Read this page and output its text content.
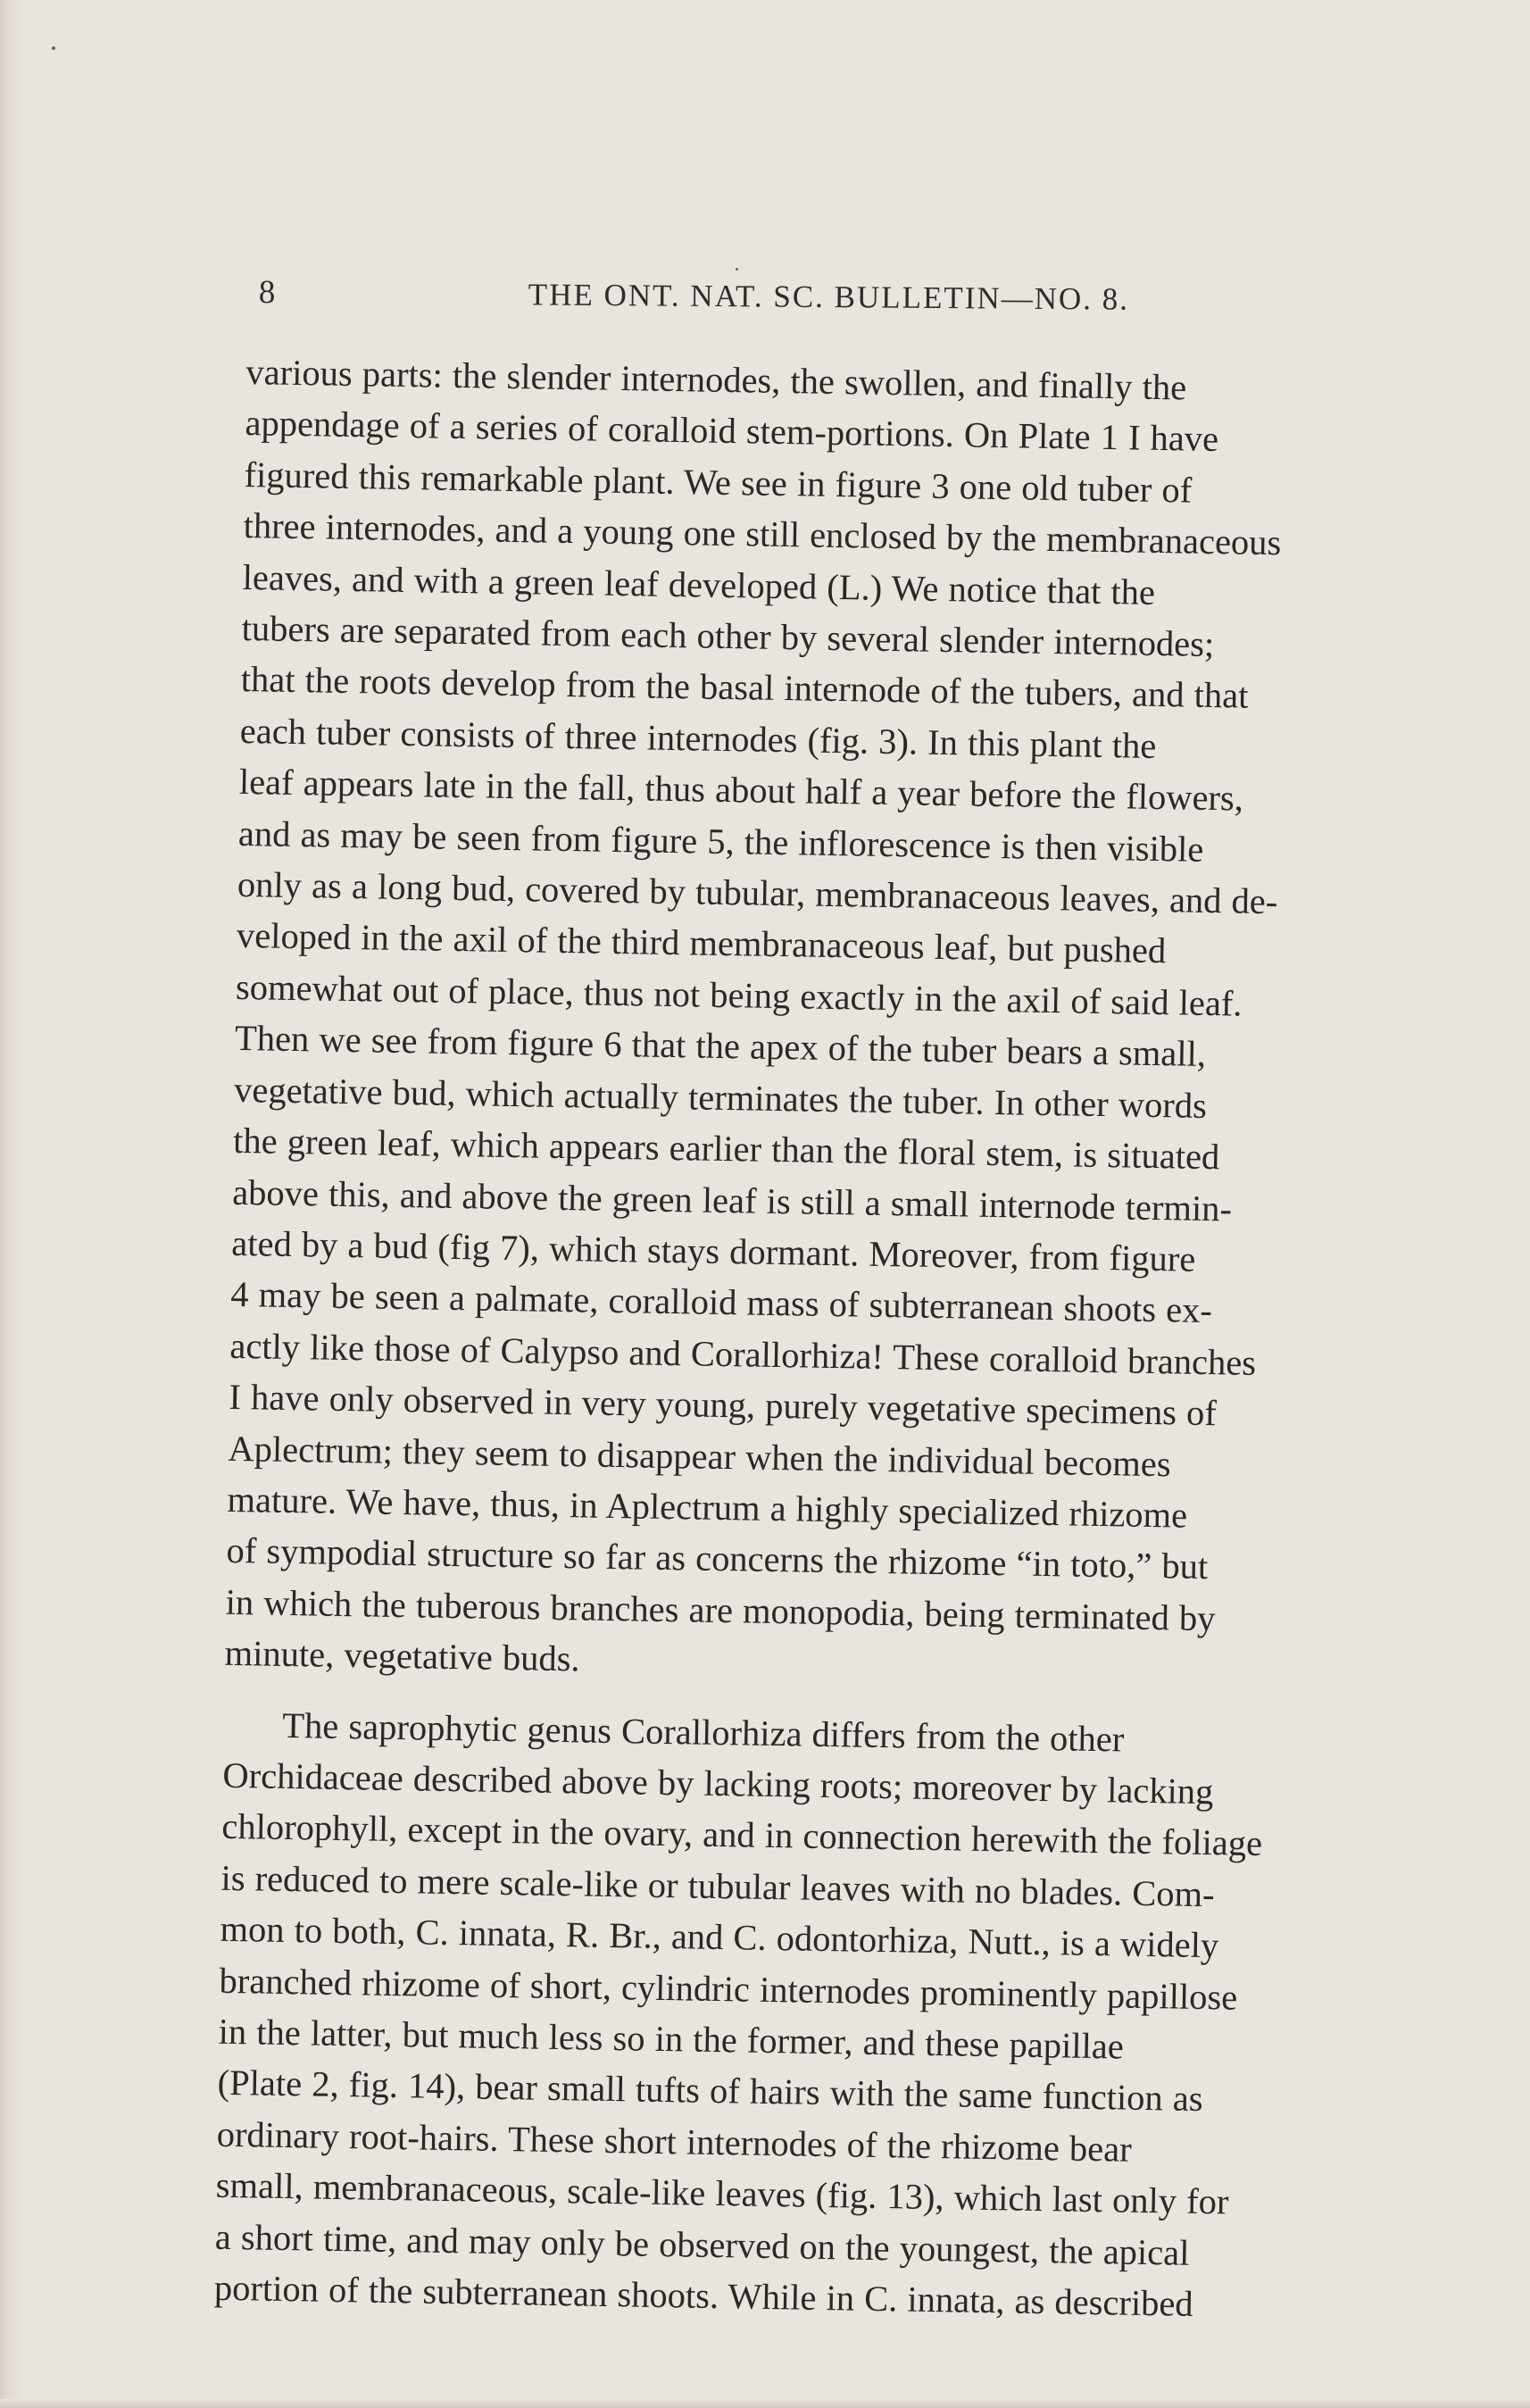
8	THE ONT. NAT. SC. BULLETIN—NO. 8.

various parts: the slender internodes, the swollen, and finally the
appendage of a series of coralloid stem-portions. On Plate 1 I have
figured this remarkable plant. We see in figure 3 one old tuber of
three internodes, and a young one still enclosed by the membranaceous
leaves, and with a green leaf developed (L.) We notice that the
tubers are separated from each other by several slender internodes;
that the roots develop from the basal internode of the tubers, and that
each tuber consists of three internodes (fig. 3). In this plant the
leaf appears late in the fall, thus about half a year before the flowers,
and as may be seen from figure 5, the inflorescence is then visible
only as a long bud, covered by tubular, membranaceous leaves, and de-
veloped in the axil of the third membranaceous leaf, but pushed
somewhat out of place, thus not being exactly in the axil of said leaf.
Then we see from figure 6 that the apex of the tuber bears a small,
vegetative bud, which actually terminates the tuber. In other words
the green leaf, which appears earlier than the floral stem, is situated
above this, and above the green leaf is still a small internode termin-
ated by a bud (fig 7), which stays dormant. Moreover, from figure
4 may be seen a palmate, coralloid mass of subterranean shoots ex-
actly like those of Calypso and Corallorhiza! These coralloid branches
I have only observed in very young, purely vegetative specimens of
Aplectrum; they seem to disappear when the individual becomes
mature. We have, thus, in Aplectrum a highly specialized rhizome
of sympodial structure so far as concerns the rhizome “in toto,” but
in which the tuberous branches are monopodia, being terminated by
minute, vegetative buds.

The saprophytic genus Corallorhiza differs from the other
Orchidaceae described above by lacking roots; moreover by lacking
chlorophyll, except in the ovary, and in connection herewith the foliage
is reduced to mere scale-like or tubular leaves with no blades. Com-
mon to both, C. innata, R. Br., and C. odontorhiza, Nutt., is a widely
branched rhizome of short, cylindric internodes prominently papillose
in the latter, but much less so in the former, and these papillae
(Plate 2, fig. 14), bear small tufts of hairs with the same function as
ordinary root-hairs. These short internodes of the rhizome bear
small, membranaceous, scale-like leaves (fig. 13), which last only for
a short time, and may only be observed on the youngest, the apical
portion of the subterranean shoots. While in C. innata, as described
